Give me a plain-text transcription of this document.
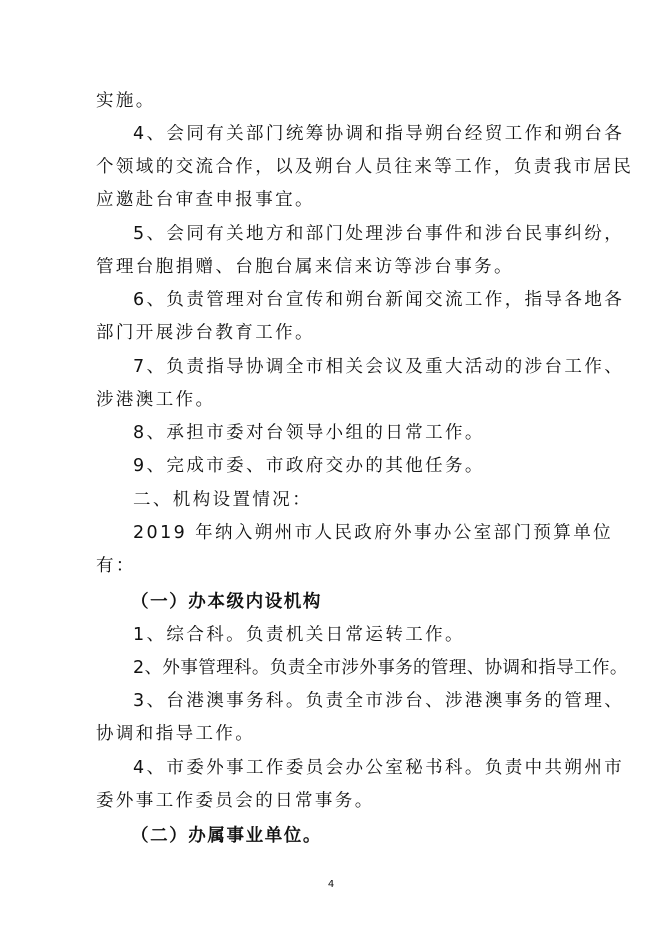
实施。
4、会同有关部门统筹协调和指导朔台经贸工作和朔台各
个领域的交流合作，以及朔台人员往来等工作，负责我市居民
应邀赴台审查申报事宜。
5、会同有关地方和部门处理涉台事件和涉台民事纠纷，
管理台胞捐赠、台胞台属来信来访等涉台事务。
6、负责管理对台宣传和朔台新闻交流工作，指导各地各
部门开展涉台教育工作。
7、负责指导协调全市相关会议及重大活动的涉台工作、
涉港澳工作。
8、承担市委对台领导小组的日常工作。
9、完成市委、市政府交办的其他任务。
二、机构设置情况：
2019 年纳入朔州市人民政府外事办公室部门预算单位
有：
（一）办本级内设机构
1、综合科。负责机关日常运转工作。
2、外事管理科。负责全市涉外事务的管理、协调和指导工作。
3、台港澳事务科。负责全市涉台、涉港澳事务的管理、
协调和指导工作。
4、市委外事工作委员会办公室秘书科。负责中共朔州市
委外事工作委员会的日常事务。
（二）办属事业单位。
4
